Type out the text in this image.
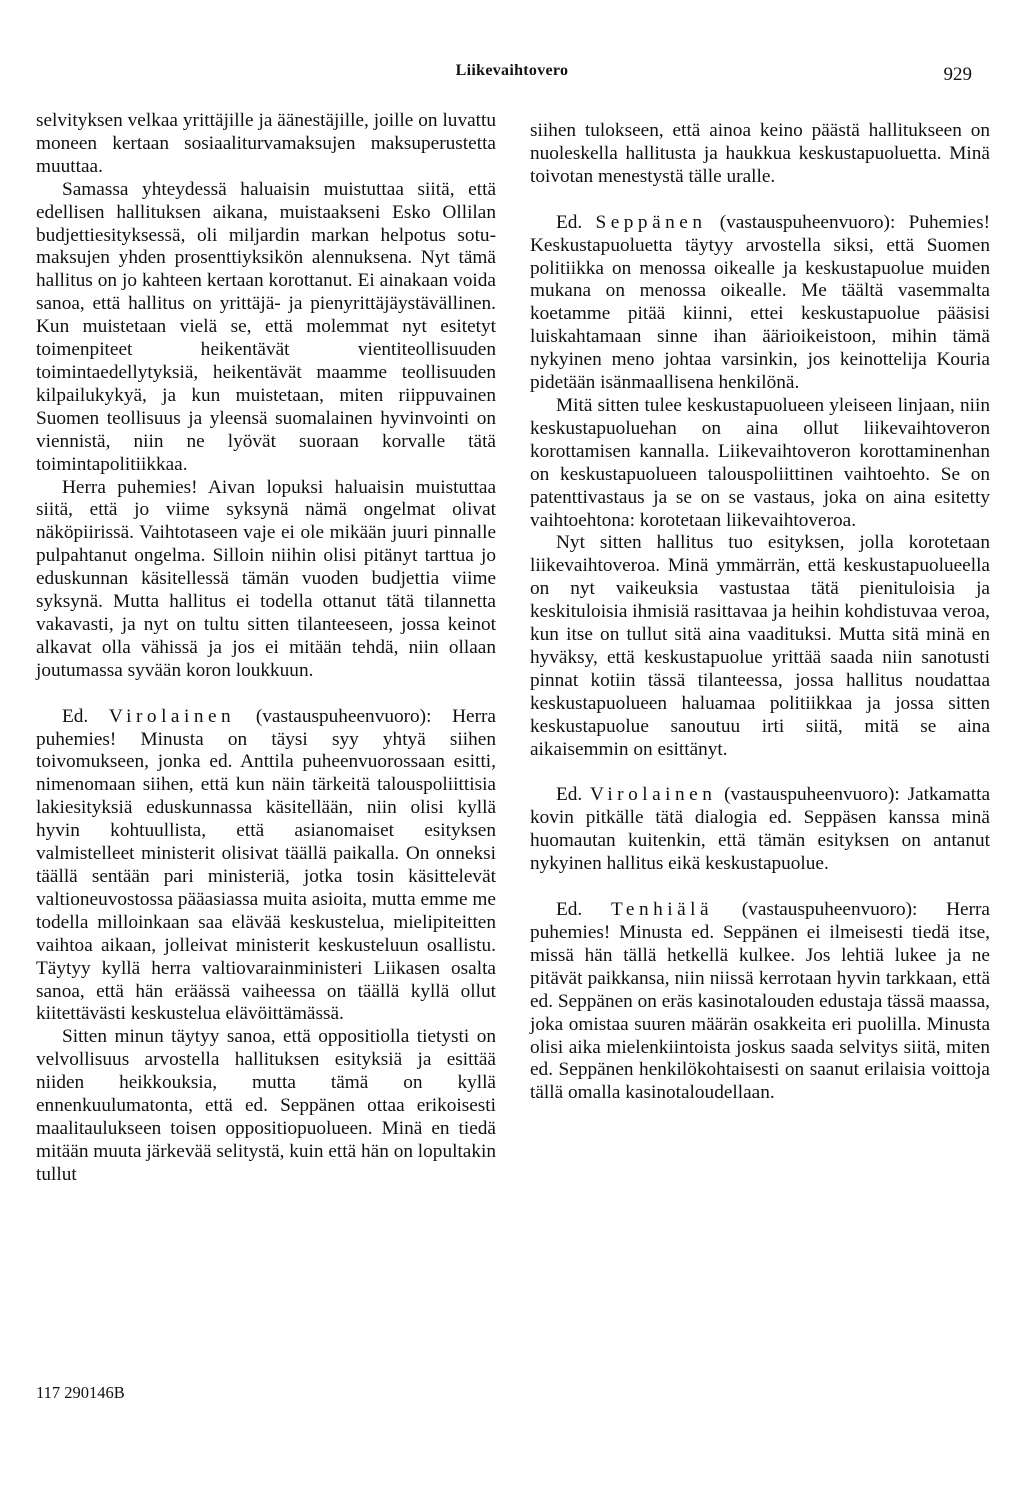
Liikevaihtovero	929

selvityksen velkaa yrittäjille ja äänestäjille, joille on luvattu moneen kertaan sosiaaliturvamaksujen maksuperustetta muuttaa.

Samassa yhteydessä haluaisin muistuttaa siitä, että edellisen hallituksen aikana, muistaakseni Esko Ollilan budjettiesityksessä, oli miljardin markan helpotus sotu-maksujen yhden prosenttiyksikön alennuksena. Nyt tämä hallitus on jo kahteen kertaan korottanut. Ei ainakaan voida sanoa, että hallitus on yrittäjä- ja pienyrittäjäystävällinen. Kun muistetaan vielä se, että molemmat nyt esitetyt toimenpiteet heikentävät vientiteollisuuden toimintaedellytyksiä, heikentävät maamme teollisuuden kilpailukykyä, ja kun muistetaan, miten riippuvainen Suomen teollisuus ja yleensä suomalainen hyvinvointi on viennistä, niin ne lyövät suoraan korvalle tätä toimintapolitiikkaa.

Herra puhemies! Aivan lopuksi haluaisin muistuttaa siitä, että jo viime syksynä nämä ongelmat olivat näköpiirissä. Vaihtotaseen vaje ei ole mikään juuri pinnalle pulpahtanut ongelma. Silloin niihin olisi pitänyt tarttua jo eduskunnan käsitellessä tämän vuoden budjettia viime syksynä. Mutta hallitus ei todella ottanut tätä tilannetta vakavasti, ja nyt on tultu sitten tilanteeseen, jossa keinot alkavat olla vähissä ja jos ei mitään tehdä, niin ollaan joutumassa syvään koron loukkuun.

Ed. Virolainen (vastauspuheenvuoro): Herra puhemies! Minusta on täysi syy yhtyä siihen toivomukseen, jonka ed. Anttila puheenvuorossaan esitti, nimenomaan siihen, että kun näin tärkeitä talouspoliittisia lakiesityksiä eduskunnassa käsitellään, niin olisi kyllä hyvin kohtuullista, että asianomaiset esityksen valmistelleet ministerit olisivat täällä paikalla. On onneksi täällä sentään pari ministeriä, jotka tosin käsittelevät valtioneuvostossa pääasiassa muita asioita, mutta emme me todella milloinkaan saa elävää keskustelua, mielipiteitten vaihtoa aikaan, jolleivat ministerit keskusteluun osallistu. Täytyy kyllä herra valtiovarainministeri Liikasen osalta sanoa, että hän eräässä vaiheessa on täällä kyllä ollut kiitettävästi keskustelua elävöittämässä.

Sitten minun täytyy sanoa, että oppositiolla tietysti on velvollisuus arvostella hallituksen esityksiä ja esittää niiden heikkouksia, mutta tämä on kyllä ennenkuulumatonta, että ed. Seppänen ottaa erikoisesti maalitaulukseen toisen oppositiopuolueen. Minä en tiedä mitään muuta järkevää selitystä, kuin että hän on lopultakin tullut

siihen tulokseen, että ainoa keino päästä hallitukseen on nuoleskella hallitusta ja haukkua keskustapuoluetta. Minä toivotan menestystä tälle uralle.

Ed. Seppänen (vastauspuheenvuoro): Puhemies! Keskustapuoluetta täytyy arvostella siksi, että Suomen politiikka on menossa oikealle ja keskustapuolue muiden mukana on menossa oikealle. Me täältä vasemmalta koetamme pitää kiinni, ettei keskustapuolue pääsisi luiskahtamaan sinne ihan äärioikeistoon, mihin tämä nykyinen meno johtaa varsinkin, jos keinottelija Kouria pidetään isänmaallisena henkilönä.

Mitä sitten tulee keskustapuolueen yleiseen linjaan, niin keskustapuoluehan on aina ollut liikevaihtoveron korottamisen kannalla. Liikevaihtoveron korottaminenhan on keskustapuolueen talouspoliittinen vaihtoehto. Se on patenttivastaus ja se on se vastaus, joka on aina esitetty vaihtoehtona: korotetaan liikevaihtoveroa.

Nyt sitten hallitus tuo esityksen, jolla korotetaan liikevaihtoveroa. Minä ymmärrän, että keskustapuolueella on nyt vaikeuksia vastustaa tätä pienituloisia ja keskituloisia ihmisiä rasittavaa ja heihin kohdistuvaa veroa, kun itse on tullut sitä aina vaadituksi. Mutta sitä minä en hyväksy, että keskustapuolue yrittää saada niin sanotusti pinnat kotiin tässä tilanteessa, jossa hallitus noudattaa keskustapuolueen haluamaa politiikkaa ja jossa sitten keskustapuolue sanoutuu irti siitä, mitä se aina aikaisemmin on esittänyt.

Ed. Virolainen (vastauspuheenvuoro): Jatkamatta kovin pitkälle tätä dialogia ed. Seppäsen kanssa minä huomautan kuitenkin, että tämän esityksen on antanut nykyinen hallitus eikä keskustapuolue.

Ed. Tenhiälä (vastauspuheenvuoro): Herra puhemies! Minusta ed. Seppänen ei ilmeisesti tiedä itse, missä hän tällä hetkellä kulkee. Jos lehtiä lukee ja ne pitävät paikkansa, niin niissä kerrotaan hyvin tarkkaan, että ed. Seppänen on eräs kasinotalouden edustaja tässä maassa, joka omistaa suuren määrän osakkeita eri puolilla. Minusta olisi aika mielenkiintoista joskus saada selvitys siitä, miten ed. Seppänen henkilökohtaisesti on saanut erilaisia voittoja tällä omalla kasinotaloudellaan.

117 290146B
